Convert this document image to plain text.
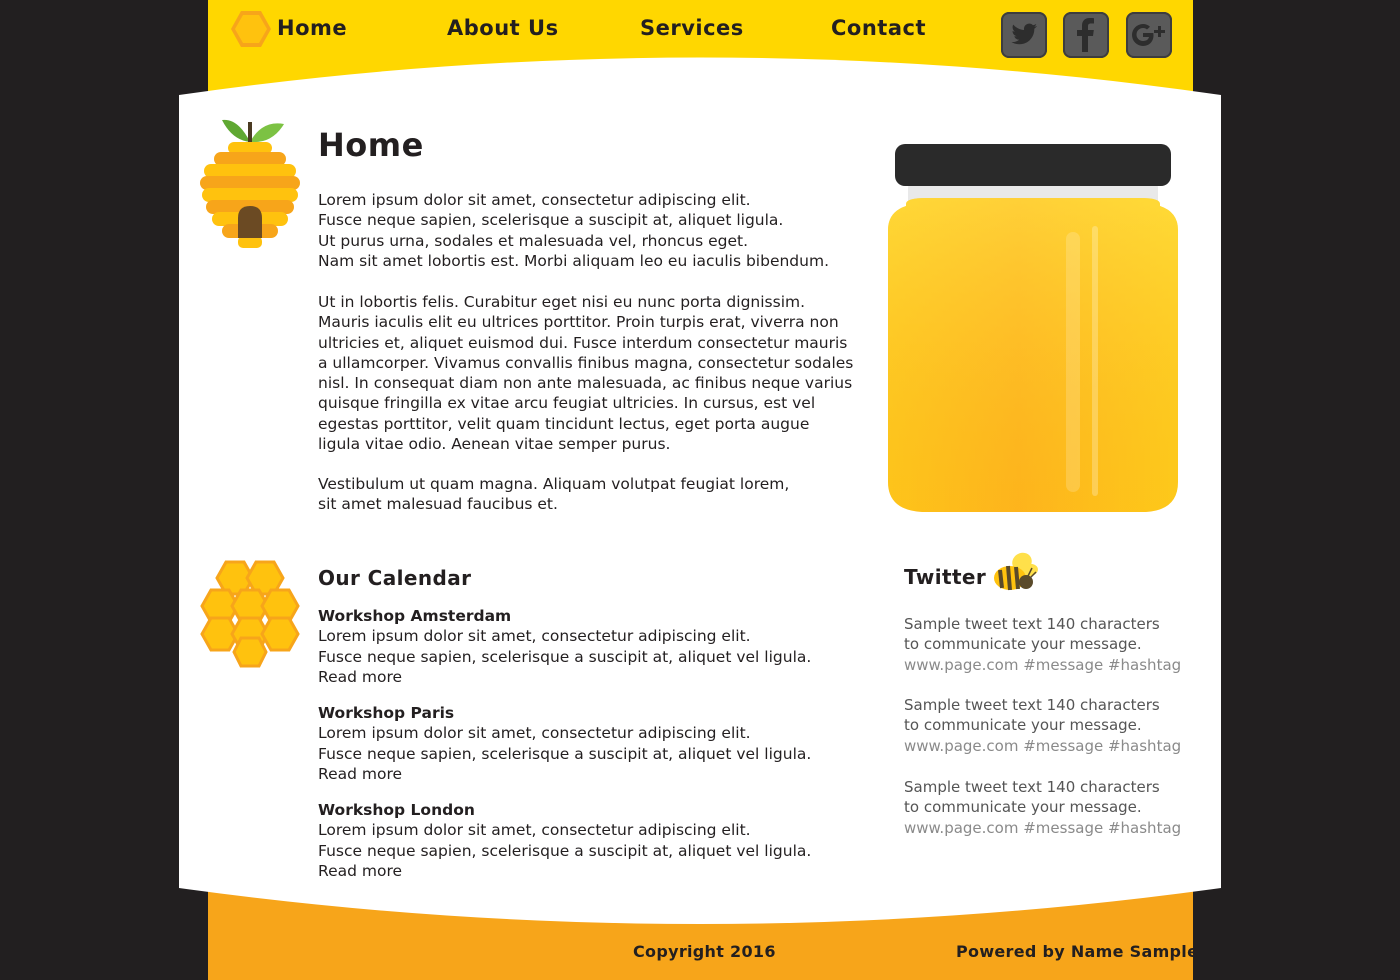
Home	About Us	Services	Contact
Home

Lorem ipsum dolor sit amet, consectetur adipiscing elit.
Fusce neque sapien, scelerisque a suscipit at, aliquet ligula.
Ut purus urna, sodales et malesuada vel, rhoncus eget.
Nam sit amet lobortis est. Morbi aliquam leo eu iaculis bibendum.

Ut in lobortis felis. Curabitur eget nisi eu nunc porta dignissim.
Mauris iaculis elit eu ultrices porttitor. Proin turpis erat, viverra non
ultricies et, aliquet euismod dui. Fusce interdum consectetur mauris
a ullamcorper. Vivamus convallis finibus magna, consectetur sodales
nisl. In consequat diam non ante malesuada, ac finibus neque varius
quisque fringilla ex vitae arcu feugiat ultricies. In cursus, est vel
egestas porttitor, velit quam tincidunt lectus, eget porta augue
ligula vitae odio. Aenean vitae semper purus.

Vestibulum ut quam magna. Aliquam volutpat feugiat lorem,
sit amet malesuad faucibus et.

Our Calendar
Workshop Amsterdam
Lorem ipsum dolor sit amet, consectetur adipiscing elit.
Fusce neque sapien, scelerisque a suscipit at, aliquet vel ligula.
Read more
Workshop Paris
Lorem ipsum dolor sit amet, consectetur adipiscing elit.
Fusce neque sapien, scelerisque a suscipit at, aliquet vel ligula.
Read more
Workshop London
Lorem ipsum dolor sit amet, consectetur adipiscing elit.
Fusce neque sapien, scelerisque a suscipit at, aliquet vel ligula.
Read more
Twitter
Sample tweet text 140 characters
to communicate your message.
www.page.com #message #hashtag
Sample tweet text 140 characters
to communicate your message.
www.page.com #message #hashtag
Sample tweet text 140 characters
to communicate your message.
www.page.com #message #hashtag
Copyright 2016	Powered by Name Sample
